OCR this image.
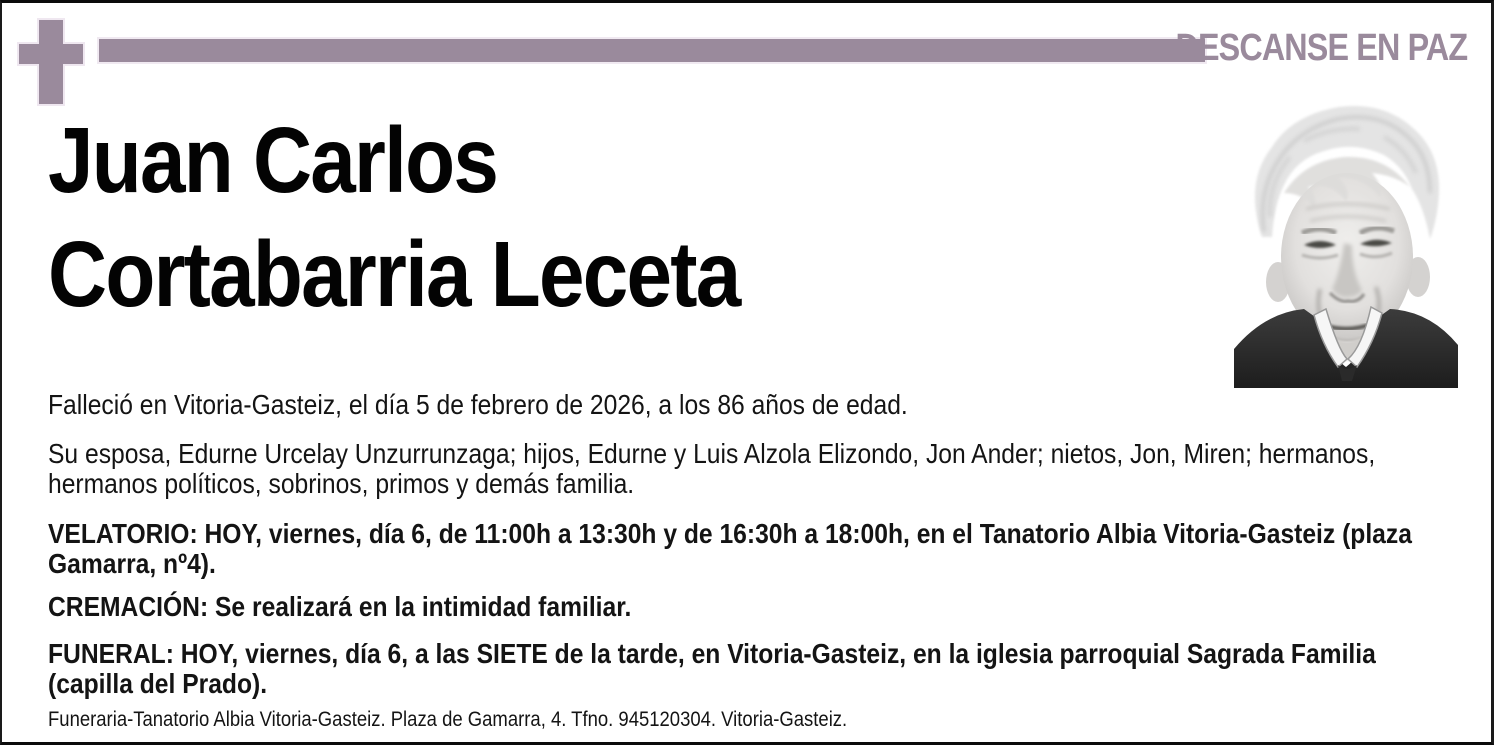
DESCANSE EN PAZ
Juan Carlos
Cortabarria Leceta

Falleció en Vitoria-Gasteiz, el día 5 de febrero de 2026, a los 86 años de edad.

Su esposa, Edurne Urcelay Unzurrunzaga; hijos, Edurne y Luis Alzola Elizondo, Jon Ander; nietos, Jon, Miren; hermanos, hermanos políticos, sobrinos, primos y demás familia.

VELATORIO: HOY, viernes, día 6, de 11:00h a 13:30h y de 16:30h a 18:00h, en el Tanatorio Albia Vitoria-Gasteiz (plaza Gamarra, nº4).

CREMACIÓN: Se realizará en la intimidad familiar.

FUNERAL: HOY, viernes, día 6, a las SIETE de la tarde, en Vitoria-Gasteiz, en la iglesia parroquial Sagrada Familia (capilla del Prado).

Funeraria-Tanatorio Albia Vitoria-Gasteiz. Plaza de Gamarra, 4. Tfno. 945120304. Vitoria-Gasteiz.
